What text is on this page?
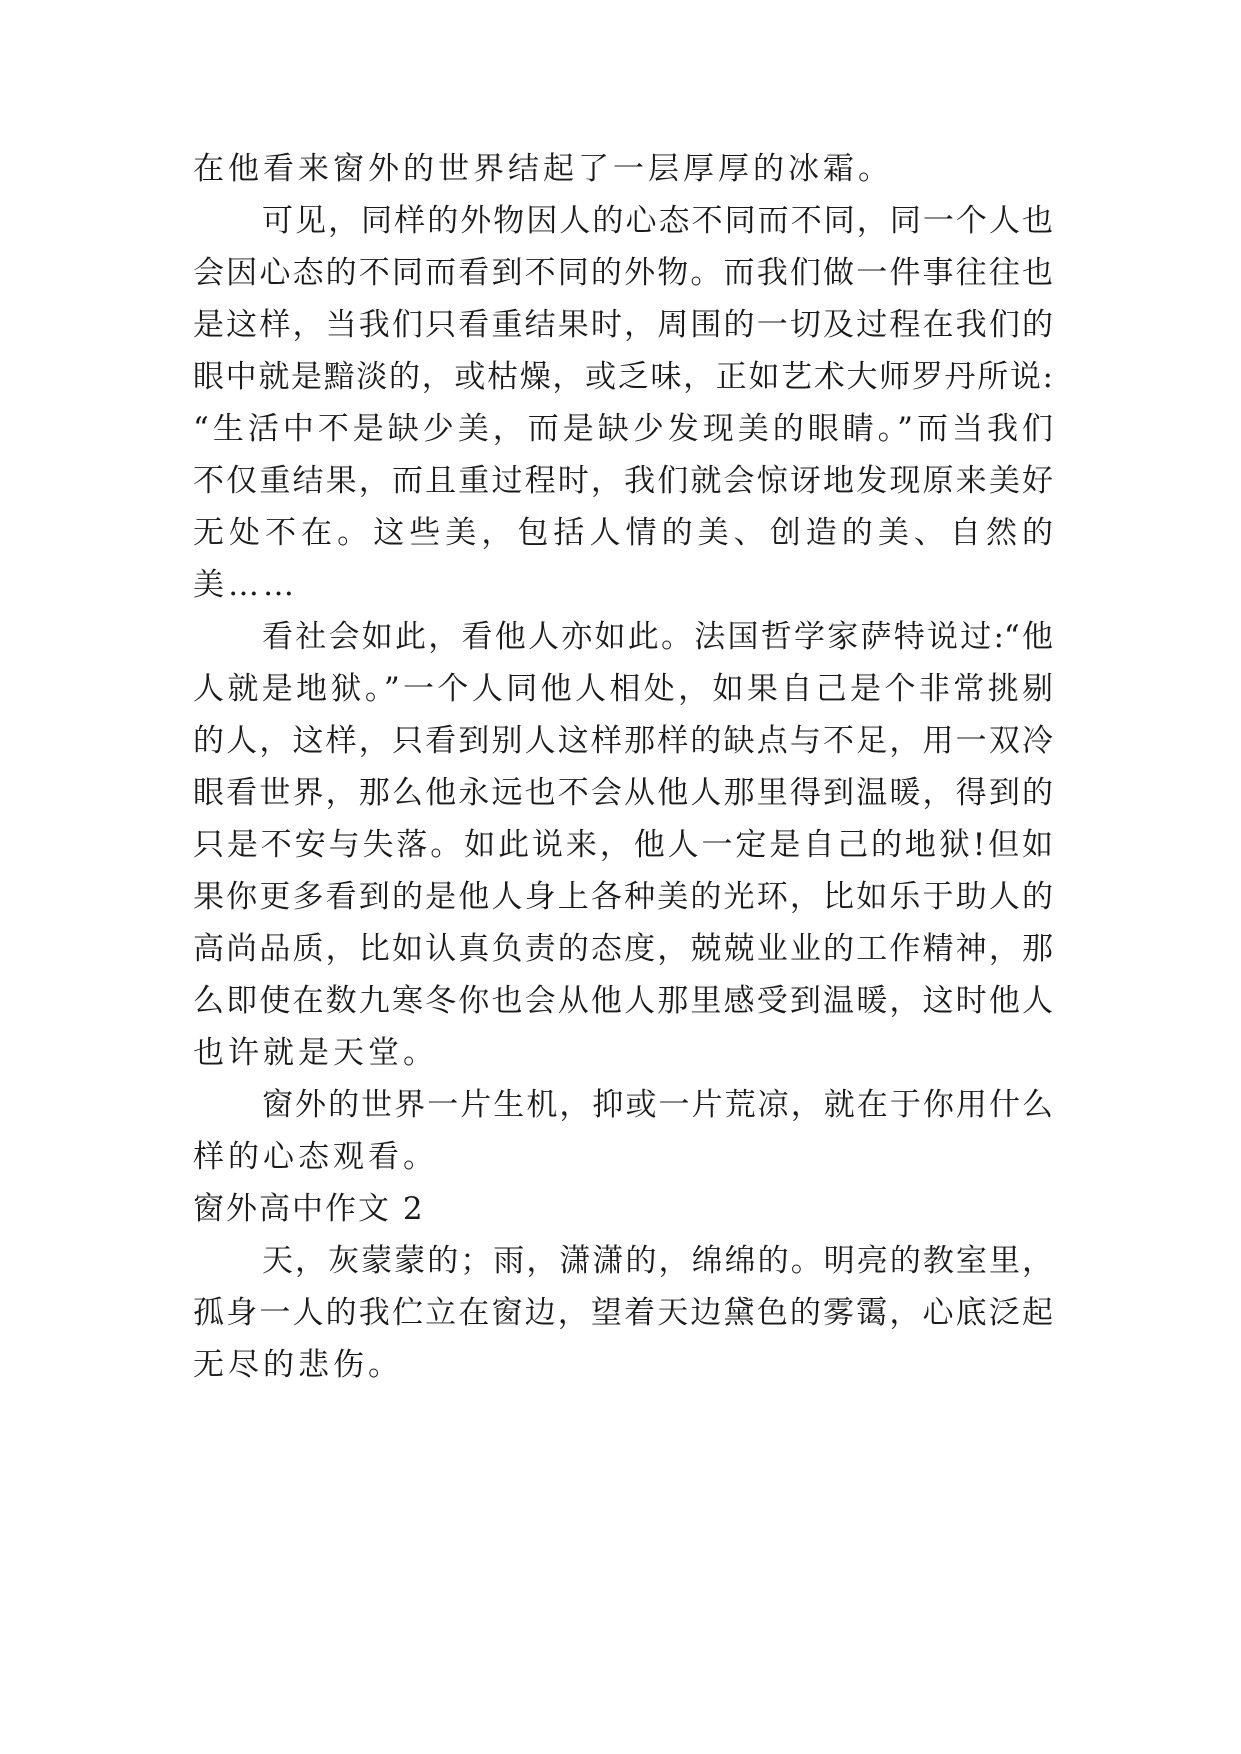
在他看来窗外的世界结起了一层厚厚的冰霜。
可见，同样的外物因人的心态不同而不同，同一个人也
会因心态的不同而看到不同的外物。而我们做一件事往往也
是这样，当我们只看重结果时，周围的一切及过程在我们的
眼中就是黯淡的，或枯燥，或乏味，正如艺术大师罗丹所说:
“生活中不是缺少美，而是缺少发现美的眼睛。”而当我们
不仅重结果，而且重过程时，我们就会惊讶地发现原来美好
无处不在。这些美，包括人情的美、创造的美、自然的
美……
看社会如此，看他人亦如此。法国哲学家萨特说过:“他
人就是地狱。”一个人同他人相处，如果自己是个非常挑剔
的人，这样，只看到别人这样那样的缺点与不足，用一双冷
眼看世界，那么他永远也不会从他人那里得到温暖，得到的
只是不安与失落。如此说来，他人一定是自己的地狱!但如
果你更多看到的是他人身上各种美的光环，比如乐于助人的
高尚品质，比如认真负责的态度，兢兢业业的工作精神，那
么即使在数九寒冬你也会从他人那里感受到温暖，这时他人
也许就是天堂。
窗外的世界一片生机，抑或一片荒凉，就在于你用什么
样的心态观看。
窗外高中作文 2
天，灰蒙蒙的；雨，潇潇的，绵绵的。明亮的教室里，
孤身一人的我伫立在窗边，望着天边黛色的雾霭，心底泛起
无尽的悲伤。
